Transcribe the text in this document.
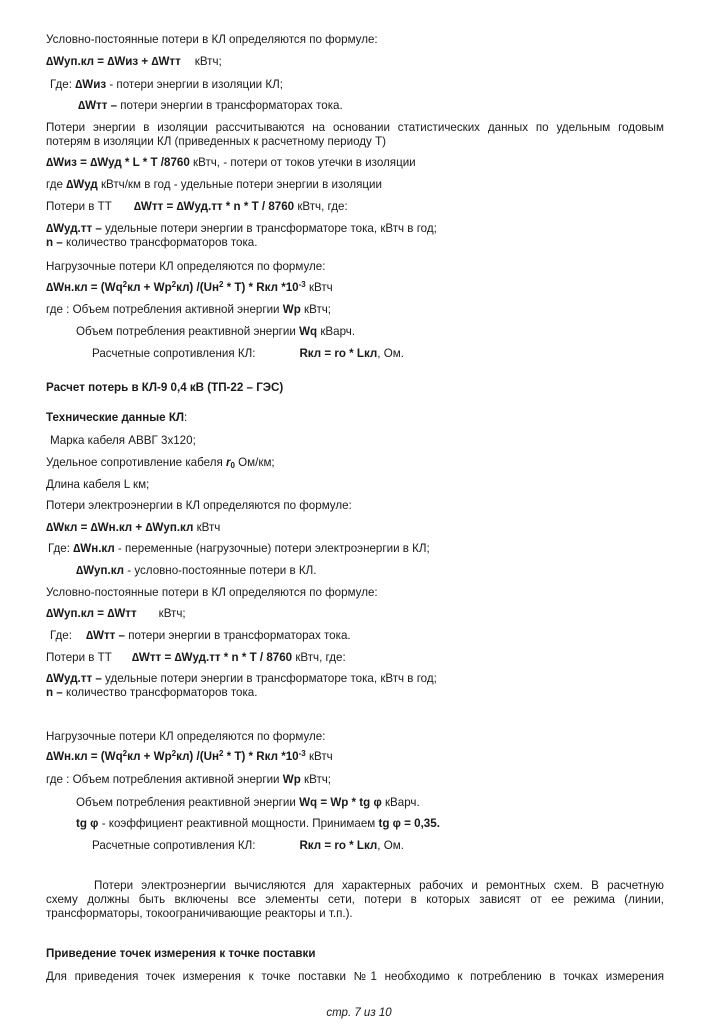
Условно-постоянные потери в КЛ определяются по формуле:
∆Wуп.кл = ∆Wиз + ∆Wтт кВтч;
Где: ∆Wиз - потери энергии в изоляции КЛ;
∆Wтт – потери энергии в трансформаторах тока.
Потери энергии в изоляции рассчитываются на основании статистических данных по удельным годовым
потерям в изоляции КЛ (приведенных к расчетному периоду Т)
∆Wиз = ∆Wуд * L * T /8760 кВтч, - потери от токов утечки в изоляции
где ∆Wуд кВтч/км в год - удельные потери энергии в изоляции
Потери в ТТ ∆Wтт = ∆Wуд.тт * n * T / 8760 кВтч, где:
∆Wуд.тт – удельные потери энергии в трансформаторе тока, кВтч в год;
n – количество трансформаторов тока.
Нагрузочные потери КЛ определяются по формуле:
$\Delta Wн.кл = (Wq^2кл + Wp^2кл)$ $/(Uн^2 * T)$ * Rкл $*10^{-3}$ кВтч
где : Объем потребления активной энергии Wp кВтч;
Объем потребления реактивной энергии Wq кВарч.
Расчетные сопротивления КЛ:	Rкл = rо * Lкл, Ом.
Расчет потерь в КЛ-9 0,4 кВ (ТП-22 – ГЭС)
Технические данные КЛ:
Марка кабеля АВВГ 3х120;
Удельное сопротивление кабеля $r_0$ Ом/км;
Длина кабеля L км;
Потери электроэнергии в КЛ определяются по формуле:
∆Wкл = ∆Wн.кл + ∆Wуп.кл кВтч
Где: ∆Wн.кл - переменные (нагрузочные) потери электроэнергии в КЛ;
∆Wуп.кл - условно-постоянные потери в КЛ.
Условно-постоянные потери в КЛ определяются по формуле:
∆Wуп.кл = ∆Wтт кВтч;
Где: ∆Wтт – потери энергии в трансформаторах тока.
Потери в ТТ ∆Wтт = ∆Wуд.тт * n * T / 8760 кВтч, где:
∆Wуд.тт – удельные потери энергии в трансформаторе тока, кВтч в год;
n – количество трансформаторов тока.
Нагрузочные потери КЛ определяются по формуле:
$\Delta Wн.кл = (Wq^2кл + Wp^2кл)$ $/(Uн^2 * T)$ * Rкл $*10^{-3}$ кВтч
где : Объем потребления активной энергии Wp кВтч;
Объем потребления реактивной энергии Wq = Wp * tg φ кВарч.
tg φ - коэффициент реактивной мощности. Принимаем tg φ = 0,35.
Расчетные сопротивления КЛ:	Rкл = rо * Lкл, Ом.
Потери электроэнергии вычисляются для характерных рабочих и ремонтных схем. В расчетную
схему должны быть включены все элементы сети, потери в которых зависят от ее режима (линии,
трансформаторы, токоограничивающие реакторы и т.п.).
Приведение точек измерения к точке поставки
Для приведения точек измерения к точке поставки №1 необходимо к потреблению в точках измерения
стр. 7 из 10
